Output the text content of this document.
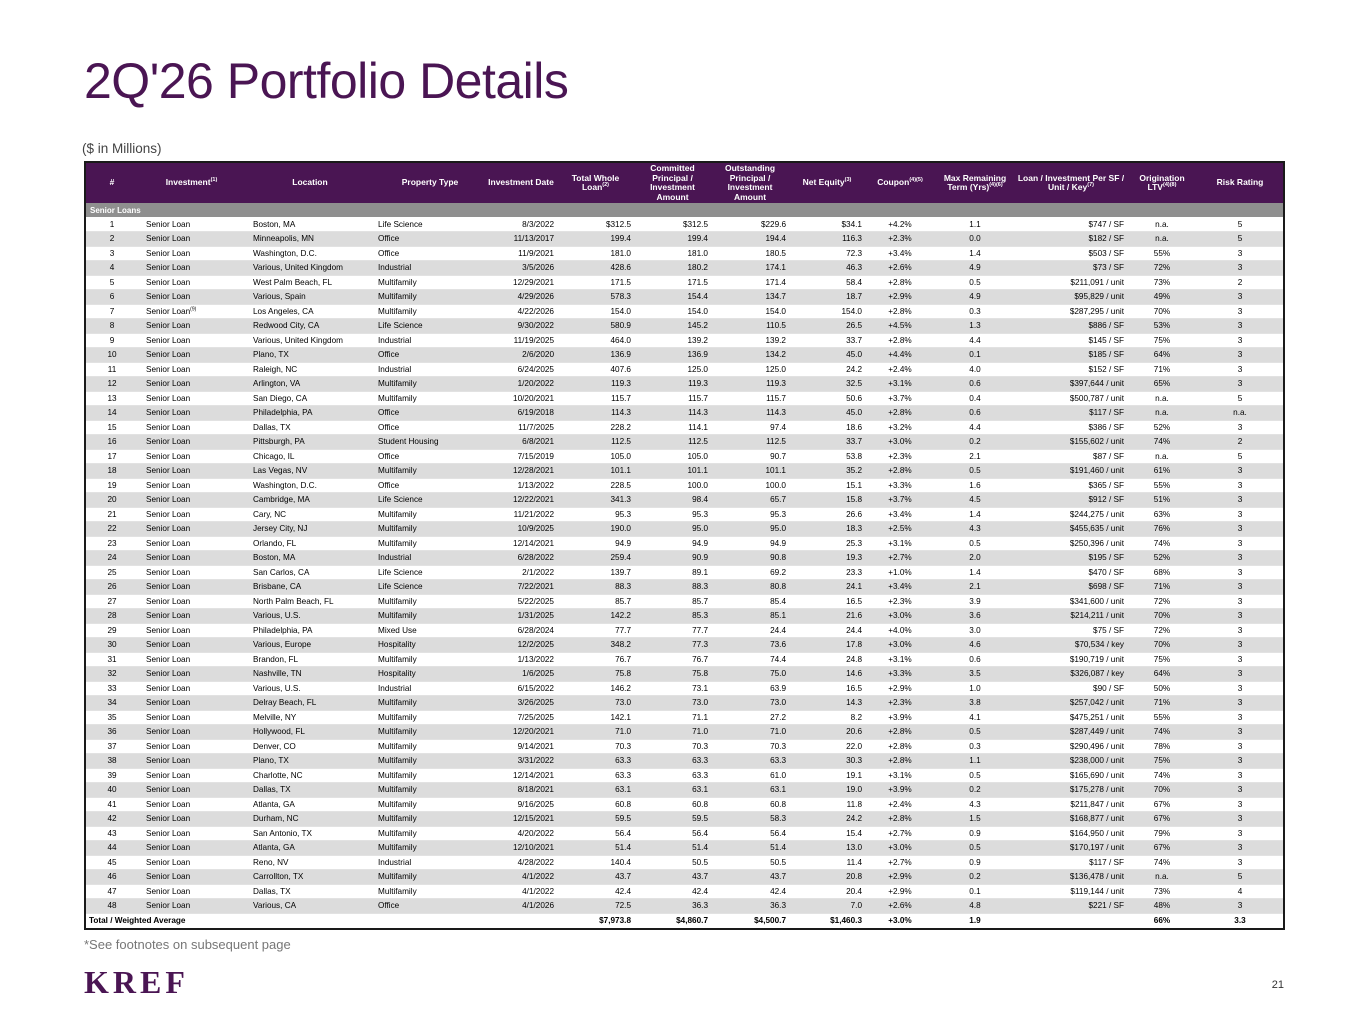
2Q'26 Portfolio Details
($ in Millions)
#	Investment$^{(1)}$	Location	Property Type	Investment Date	Total Whole Loan$^{(2)}$	Committed Principal / Investment Amount	Outstanding Principal / Investment Amount	Net Equity$^{(3)}$	Coupon$^{(4)(5)}$	Max Remaining Term (Yrs)$^{(4)(6)}$	Loan / Investment Per SF / Unit / Key$^{(7)}$	Origination $LTV^{(4)(8)}$	Risk Rating
Senior Loans													
1	Senior Loan	Boston, MA	Life Science	8/3/2022	$312.5	$312.5	$229.6	$34.1	+4.2%	1.1	$747 / SF	n.a.	5
2	Senior Loan	Minneapolis, MN	Office	11/13/2017	199.4	199.4	194.4	116.3	+2.3%	0.0	$182 / SF	n.a.	5
3	Senior Loan	Washington, D.C.	Office	11/9/2021	181.0	181.0	180.5	72.3	+3.4%	1.4	$503 / SF	55%	3
4	Senior Loan	Various, United Kingdom	Industrial	3/5/2026	428.6	180.2	174.1	46.3	+2.6%	4.9	$73 / SF	72%	3
5	Senior Loan	West Palm Beach, FL	Multifamily	12/29/2021	171.5	171.5	171.4	58.4	+2.8%	0.5	$211,091 / unit	73%	2
6	Senior Loan	Various, Spain	Multifamily	4/29/2026	578.3	154.4	134.7	18.7	+2.9%	4.9	$95,829 / unit	49%	3
7	Senior Loan$^{(9)}$	Los Angeles, CA	Multifamily	4/22/2026	154.0	154.0	154.0	154.0	+2.8%	0.3	$287,295 / unit	70%	3
8	Senior Loan	Redwood City, CA	Life Science	9/30/2022	580.9	145.2	110.5	26.5	+4.5%	1.3	$886 / SF	53%	3
9	Senior Loan	Various, United Kingdom	Industrial	11/19/2025	464.0	139.2	139.2	33.7	+2.8%	4.4	$145 / SF	75%	3
10	Senior Loan	Plano, TX	Office	2/6/2020	136.9	136.9	134.2	45.0	+4.4%	0.1	$185 / SF	64%	3
11	Senior Loan	Raleigh, NC	Industrial	6/24/2025	407.6	125.0	125.0	24.2	+2.4%	4.0	$152 / SF	71%	3
12	Senior Loan	Arlington, VA	Multifamily	1/20/2022	119.3	119.3	119.3	32.5	+3.1%	0.6	$397,644 / unit	65%	3
13	Senior Loan	San Diego, CA	Multifamily	10/20/2021	115.7	115.7	115.7	50.6	+3.7%	0.4	$500,787 / unit	n.a.	5
14	Senior Loan	Philadelphia, PA	Office	6/19/2018	114.3	114.3	114.3	45.0	+2.8%	0.6	$117 / SF	n.a.	n.a.
15	Senior Loan	Dallas, TX	Office	11/7/2025	228.2	114.1	97.4	18.6	+3.2%	4.4	$386 / SF	52%	3
16	Senior Loan	Pittsburgh, PA	Student Housing	6/8/2021	112.5	112.5	112.5	33.7	+3.0%	0.2	$155,602 / unit	74%	2
17	Senior Loan	Chicago, IL	Office	7/15/2019	105.0	105.0	90.7	53.8	+2.3%	2.1	$87 / SF	n.a.	5
18	Senior Loan	Las Vegas, NV	Multifamily	12/28/2021	101.1	101.1	101.1	35.2	+2.8%	0.5	$191,460 / unit	61%	3
19	Senior Loan	Washington, D.C.	Office	1/13/2022	228.5	100.0	100.0	15.1	+3.3%	1.6	$365 / SF	55%	3
20	Senior Loan	Cambridge, MA	Life Science	12/22/2021	341.3	98.4	65.7	15.8	+3.7%	4.5	$912 / SF	51%	3
21	Senior Loan	Cary, NC	Multifamily	11/21/2022	95.3	95.3	95.3	26.6	+3.4%	1.4	$244,275 / unit	63%	3
22	Senior Loan	Jersey City, NJ	Multifamily	10/9/2025	190.0	95.0	95.0	18.3	+2.5%	4.3	$455,635 / unit	76%	3
23	Senior Loan	Orlando, FL	Multifamily	12/14/2021	94.9	94.9	94.9	25.3	+3.1%	0.5	$250,396 / unit	74%	3
24	Senior Loan	Boston, MA	Industrial	6/28/2022	259.4	90.9	90.8	19.3	+2.7%	2.0	$195 / SF	52%	3
25	Senior Loan	San Carlos, CA	Life Science	2/1/2022	139.7	89.1	69.2	23.3	+1.0%	1.4	$470 / SF	68%	3
26	Senior Loan	Brisbane, CA	Life Science	7/22/2021	88.3	88.3	80.8	24.1	+3.4%	2.1	$698 / SF	71%	3
27	Senior Loan	North Palm Beach, FL	Multifamily	5/22/2025	85.7	85.7	85.4	16.5	+2.3%	3.9	$341,600 / unit	72%	3
28	Senior Loan	Various, U.S.	Multifamily	1/31/2025	142.2	85.3	85.1	21.6	+3.0%	3.6	$214,211 / unit	70%	3
29	Senior Loan	Philadelphia, PA	Mixed Use	6/28/2024	77.7	77.7	24.4	24.4	+4.0%	3.0	$75 / SF	72%	3
30	Senior Loan	Various, Europe	Hospitality	12/2/2025	348.2	77.3	73.6	17.8	+3.0%	4.6	$70,534 / key	70%	3
31	Senior Loan	Brandon, FL	Multifamily	1/13/2022	76.7	76.7	74.4	24.8	+3.1%	0.6	$190,719 / unit	75%	3
32	Senior Loan	Nashville, TN	Hospitality	1/6/2025	75.8	75.8	75.0	14.6	+3.3%	3.5	$326,087 / key	64%	3
33	Senior Loan	Various, U.S.	Industrial	6/15/2022	146.2	73.1	63.9	16.5	+2.9%	1.0	$90 / SF	50%	3
34	Senior Loan	Delray Beach, FL	Multifamily	3/26/2025	73.0	73.0	73.0	14.3	+2.3%	3.8	$257,042 / unit	71%	3
35	Senior Loan	Melville, NY	Multifamily	7/25/2025	142.1	71.1	27.2	8.2	+3.9%	4.1	$475,251 / unit	55%	3
36	Senior Loan	Hollywood, FL	Multifamily	12/20/2021	71.0	71.0	71.0	20.6	+2.8%	0.5	$287,449 / unit	74%	3
37	Senior Loan	Denver, CO	Multifamily	9/14/2021	70.3	70.3	70.3	22.0	+2.8%	0.3	$290,496 / unit	78%	3
38	Senior Loan	Plano, TX	Multifamily	3/31/2022	63.3	63.3	63.3	30.3	+2.8%	1.1	$238,000 / unit	75%	3
39	Senior Loan	Charlotte, NC	Multifamily	12/14/2021	63.3	63.3	61.0	19.1	+3.1%	0.5	$165,690 / unit	74%	3
40	Senior Loan	Dallas, TX	Multifamily	8/18/2021	63.1	63.1	63.1	19.0	+3.9%	0.2	$175,278 / unit	70%	3
41	Senior Loan	Atlanta, GA	Multifamily	9/16/2025	60.8	60.8	60.8	11.8	+2.4%	4.3	$211,847 / unit	67%	3
42	Senior Loan	Durham, NC	Multifamily	12/15/2021	59.5	59.5	58.3	24.2	+2.8%	1.5	$168,877 / unit	67%	3
43	Senior Loan	San Antonio, TX	Multifamily	4/20/2022	56.4	56.4	56.4	15.4	+2.7%	0.9	$164,950 / unit	79%	3
44	Senior Loan	Atlanta, GA	Multifamily	12/10/2021	51.4	51.4	51.4	13.0	+3.0%	0.5	$170,197 / unit	67%	3
45	Senior Loan	Reno, NV	Industrial	4/28/2022	140.4	50.5	50.5	11.4	+2.7%	0.9	$117 / SF	74%	3
46	Senior Loan	Carrollton, TX	Multifamily	4/1/2022	43.7	43.7	43.7	20.8	+2.9%	0.2	$136,478 / unit	n.a.	5
47	Senior Loan	Dallas, TX	Multifamily	4/1/2022	42.4	42.4	42.4	20.4	+2.9%	0.1	$119,144 / unit	73%	4
48	Senior Loan	Various, CA	Office	4/1/2026	72.5	36.3	36.3	7.0	+2.6%	4.8	$221 / SF	48%	3
Total / Weighted Average					$7,973.8	$4,860.7	$4,500.7	$1,460.3	+3.0%	1.9		66%	3.3
*See footnotes on subsequent page
KREF	21
